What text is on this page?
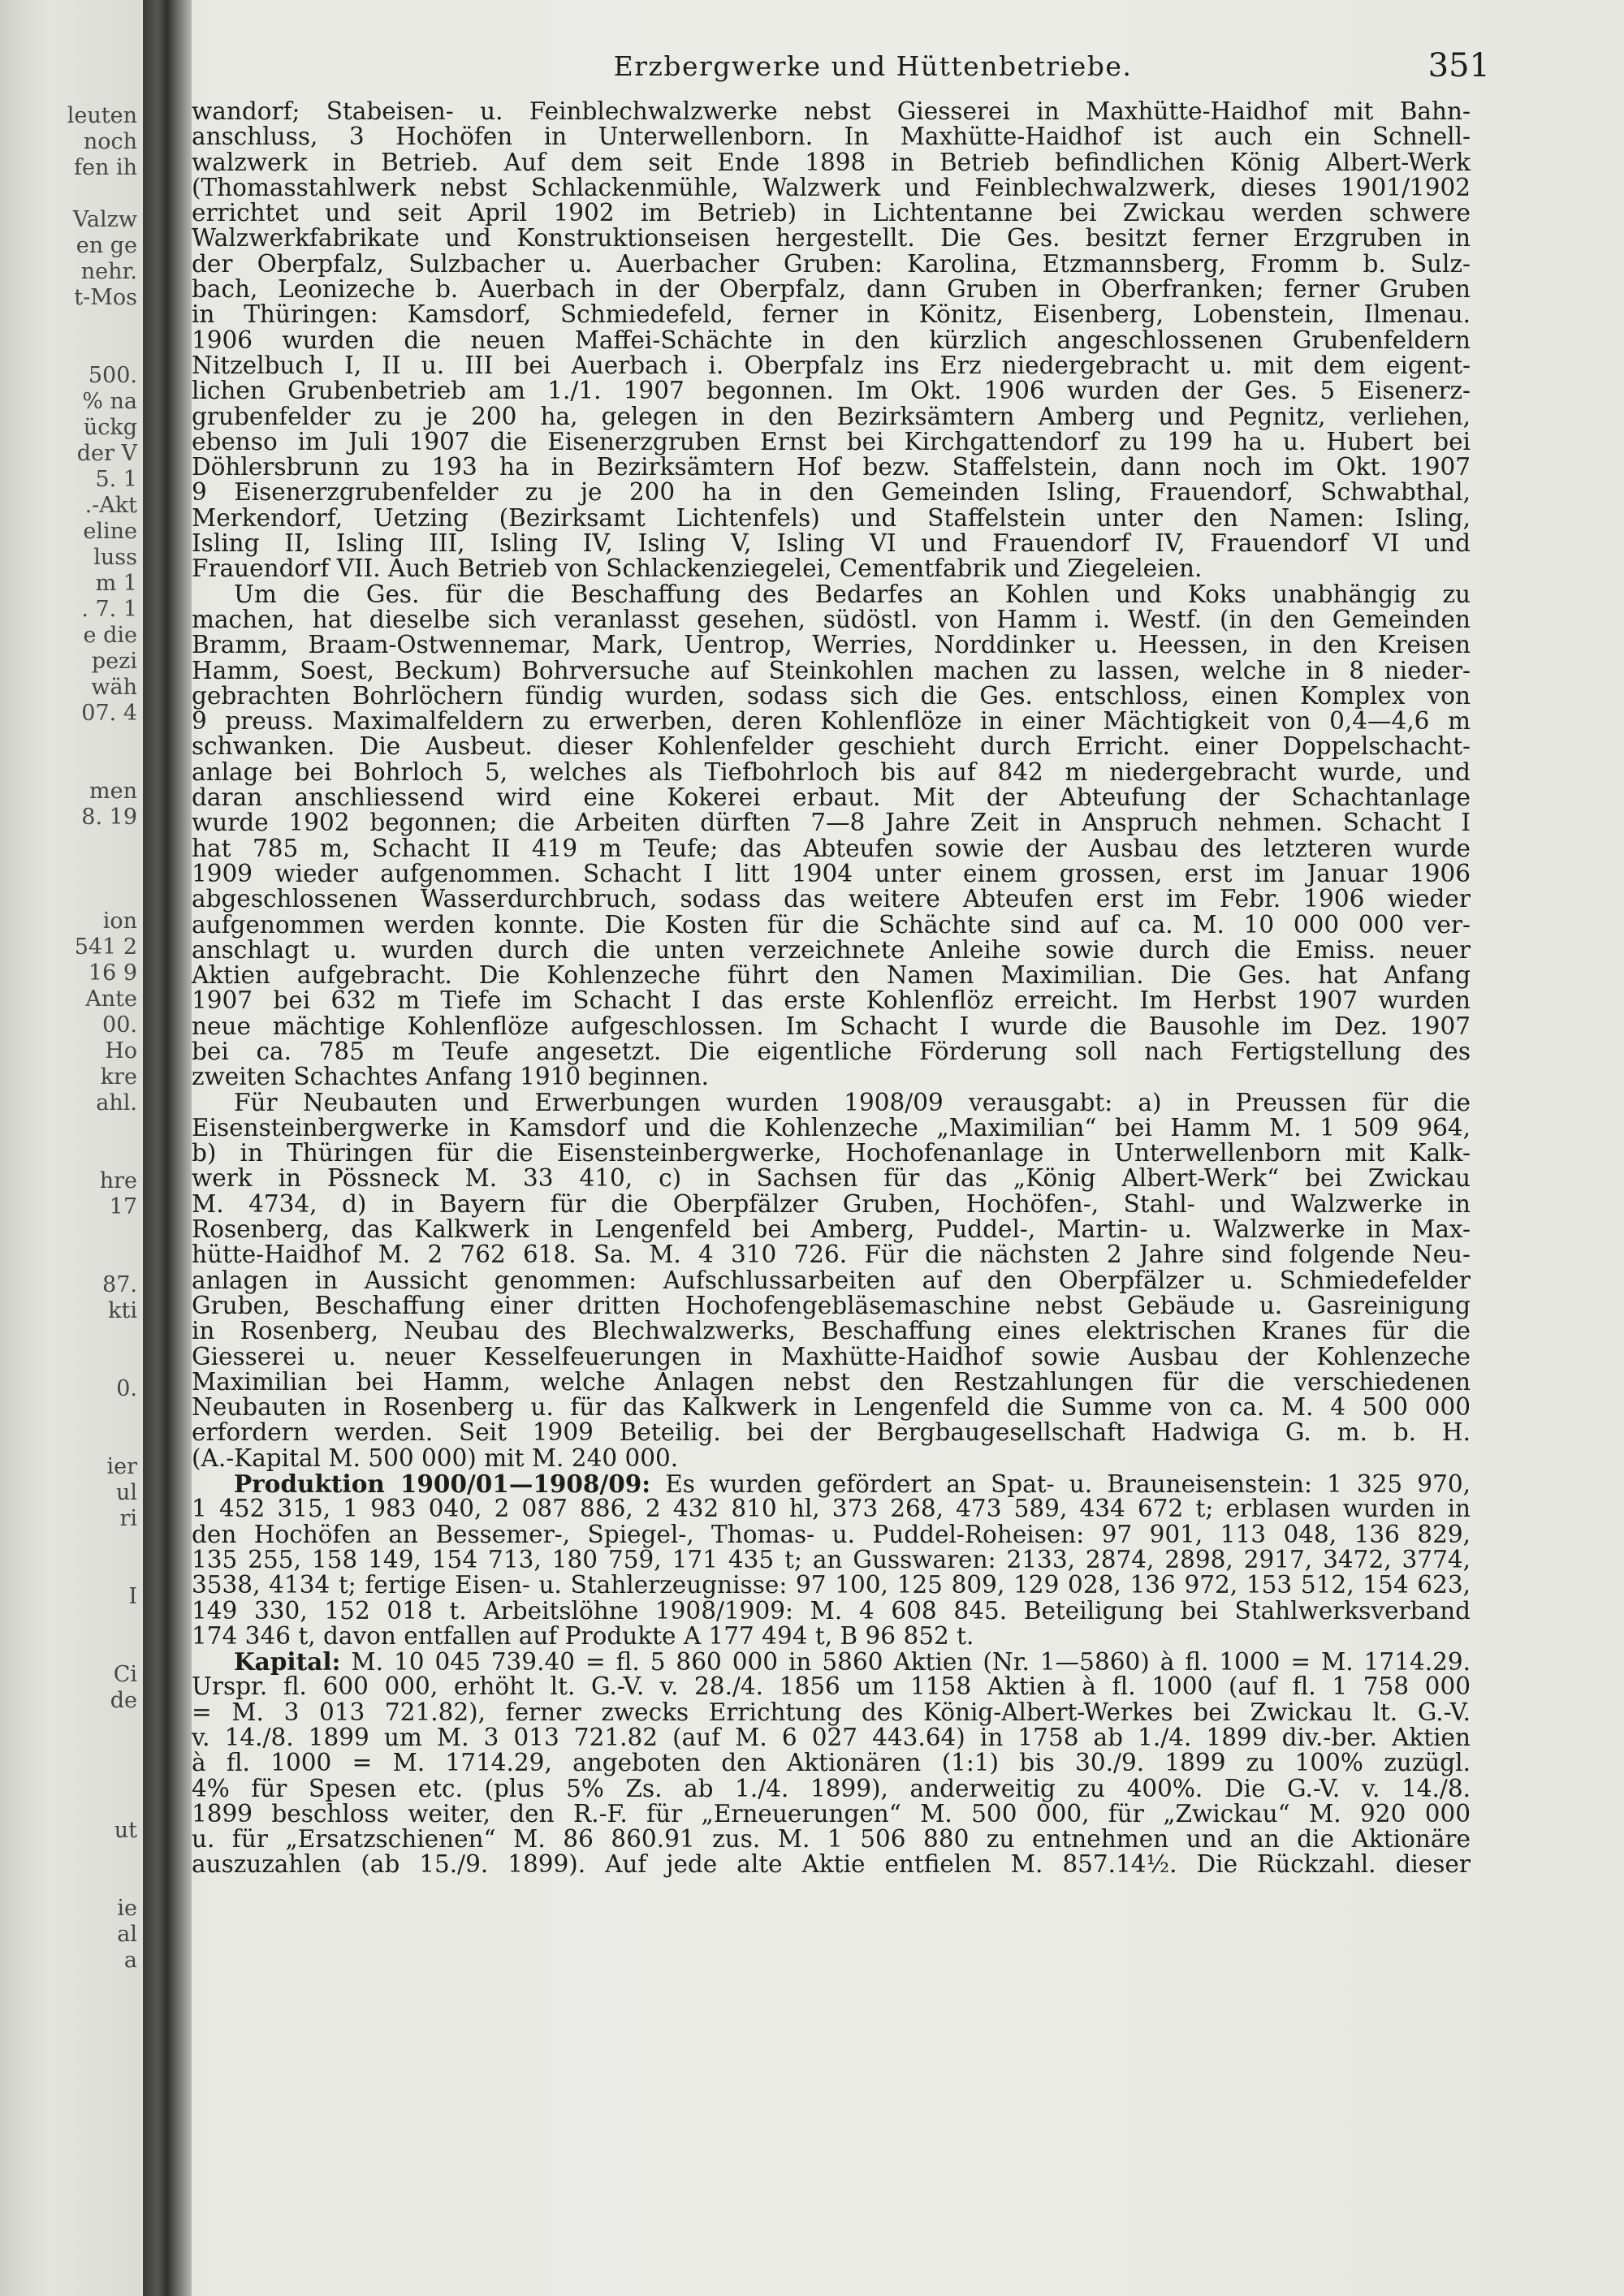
leuten
noch
fen ih
Valzw
en ge
nehr.
t-Mos
500.
% na
ückg
der V
5. 1
.-Akt
eline
luss
m 1
. 7. 1
e die
pezi
wäh
07. 4
men
8. 19
ion
541 2
16 9
Ante
00.
Ho
kre
ahl.
hre
17
87.
kti
0.
ier
ul
ri
I
Ci
de
ut
ie
al
a
Erzbergwerke und Hüttenbetriebe.	351
wandorf; Stabeisen- u. Feinblechwalzwerke nebst Giesserei in Maxhütte-Haidhof mit Bahn-
anschluss, 3 Hochöfen in Unterwellenborn. In Maxhütte-Haidhof ist auch ein Schnell-
walzwerk in Betrieb. Auf dem seit Ende 1898 in Betrieb befindlichen König Albert-Werk
(Thomasstahlwerk nebst Schlackenmühle, Walzwerk und Feinblechwalzwerk, dieses 1901/1902
errichtet und seit April 1902 im Betrieb) in Lichtentanne bei Zwickau werden schwere
Walzwerkfabrikate und Konstruktionseisen hergestellt. Die Ges. besitzt ferner Erzgruben in
der Oberpfalz, Sulzbacher u. Auerbacher Gruben: Karolina, Etzmannsberg, Fromm b. Sulz-
bach, Leonizeche b. Auerbach in der Oberpfalz, dann Gruben in Oberfranken; ferner Gruben
in Thüringen: Kamsdorf, Schmiedefeld, ferner in Könitz, Eisenberg, Lobenstein, Ilmenau.
1906 wurden die neuen Maffei-Schächte in den kürzlich angeschlossenen Grubenfeldern
Nitzelbuch I, II u. III bei Auerbach i. Oberpfalz ins Erz niedergebracht u. mit dem eigent-
lichen Grubenbetrieb am 1./1. 1907 begonnen. Im Okt. 1906 wurden der Ges. 5 Eisenerz-
grubenfelder zu je 200 ha, gelegen in den Bezirksämtern Amberg und Pegnitz, verliehen,
ebenso im Juli 1907 die Eisenerzgruben Ernst bei Kirchgattendorf zu 199 ha u. Hubert bei
Döhlersbrunn zu 193 ha in Bezirksämtern Hof bezw. Staffelstein, dann noch im Okt. 1907
9 Eisenerzgrubenfelder zu je 200 ha in den Gemeinden Isling, Frauendorf, Schwabthal,
Merkendorf, Uetzing (Bezirksamt Lichtenfels) und Staffelstein unter den Namen: Isling,
Isling II, Isling III, Isling IV, Isling V, Isling VI und Frauendorf IV, Frauendorf VI und
Frauendorf VII. Auch Betrieb von Schlackenziegelei, Cementfabrik und Ziegeleien.
Um die Ges. für die Beschaffung des Bedarfes an Kohlen und Koks unabhängig zu
machen, hat dieselbe sich veranlasst gesehen, südöstl. von Hamm i. Westf. (in den Gemeinden
Bramm, Braam-Ostwennemar, Mark, Uentrop, Werries, Norddinker u. Heessen, in den Kreisen
Hamm, Soest, Beckum) Bohrversuche auf Steinkohlen machen zu lassen, welche in 8 nieder-
gebrachten Bohrlöchern fündig wurden, sodass sich die Ges. entschloss, einen Komplex von
9 preuss. Maximalfeldern zu erwerben, deren Kohlenflöze in einer Mächtigkeit von 0,4—4,6 m
schwanken. Die Ausbeut. dieser Kohlenfelder geschieht durch Erricht. einer Doppelschacht-
anlage bei Bohrloch 5, welches als Tiefbohrloch bis auf 842 m niedergebracht wurde, und
daran anschliessend wird eine Kokerei erbaut. Mit der Abteufung der Schachtanlage
wurde 1902 begonnen; die Arbeiten dürften 7—8 Jahre Zeit in Anspruch nehmen. Schacht I
hat 785 m, Schacht II 419 m Teufe; das Abteufen sowie der Ausbau des letzteren wurde
1909 wieder aufgenommen. Schacht I litt 1904 unter einem grossen, erst im Januar 1906
abgeschlossenen Wasserdurchbruch, sodass das weitere Abteufen erst im Febr. 1906 wieder
aufgenommen werden konnte. Die Kosten für die Schächte sind auf ca. M. 10 000 000 ver-
anschlagt u. wurden durch die unten verzeichnete Anleihe sowie durch die Emiss. neuer
Aktien aufgebracht. Die Kohlenzeche führt den Namen Maximilian. Die Ges. hat Anfang
1907 bei 632 m Tiefe im Schacht I das erste Kohlenflöz erreicht. Im Herbst 1907 wurden
neue mächtige Kohlenflöze aufgeschlossen. Im Schacht I wurde die Bausohle im Dez. 1907
bei ca. 785 m Teufe angesetzt. Die eigentliche Förderung soll nach Fertigstellung des
zweiten Schachtes Anfang 1910 beginnen.
Für Neubauten und Erwerbungen wurden 1908/09 verausgabt: a) in Preussen für die
Eisensteinbergwerke in Kamsdorf und die Kohlenzeche „Maximilian“ bei Hamm M. 1 509 964,
b) in Thüringen für die Eisensteinbergwerke, Hochofenanlage in Unterwellenborn mit Kalk-
werk in Pössneck M. 33 410, c) in Sachsen für das „König Albert-Werk“ bei Zwickau
M. 4734, d) in Bayern für die Oberpfälzer Gruben, Hochöfen-, Stahl- und Walzwerke in
Rosenberg, das Kalkwerk in Lengenfeld bei Amberg, Puddel-, Martin- u. Walzwerke in Max-
hütte-Haidhof M. 2 762 618. Sa. M. 4 310 726. Für die nächsten 2 Jahre sind folgende Neu-
anlagen in Aussicht genommen: Aufschlussarbeiten auf den Oberpfälzer u. Schmiedefelder
Gruben, Beschaffung einer dritten Hochofengebläsemaschine nebst Gebäude u. Gasreinigung
in Rosenberg, Neubau des Blechwalzwerks, Beschaffung eines elektrischen Kranes für die
Giesserei u. neuer Kesselfeuerungen in Maxhütte-Haidhof sowie Ausbau der Kohlenzeche
Maximilian bei Hamm, welche Anlagen nebst den Restzahlungen für die verschiedenen
Neubauten in Rosenberg u. für das Kalkwerk in Lengenfeld die Summe von ca. M. 4 500 000
erfordern werden. Seit 1909 Beteilig. bei der Bergbaugesellschaft Hadwiga G. m. b. H.
(A.-Kapital M. 500 000) mit M. 240 000.
Produktion 1900/01—1908/09: Es wurden gefördert an Spat- u. Brauneisenstein: 1 325 970,
1 452 315, 1 983 040, 2 087 886, 2 432 810 hl, 373 268, 473 589, 434 672 t; erblasen wurden in
den Hochöfen an Bessemer-, Spiegel-, Thomas- u. Puddel-Roheisen: 97 901, 113 048, 136 829,
135 255, 158 149, 154 713, 180 759, 171 435 t; an Gusswaren: 2133, 2874, 2898, 2917, 3472, 3774,
3538, 4134 t; fertige Eisen- u. Stahlerzeugnisse: 97 100, 125 809, 129 028, 136 972, 153 512, 154 623,
149 330, 152 018 t. Arbeitslöhne 1908/1909: M. 4 608 845. Beteiligung bei Stahlwerksverband
174 346 t, davon entfallen auf Produkte A 177 494 t, B 96 852 t.
Kapital: M. 10 045 739.40 = fl. 5 860 000 in 5860 Aktien (Nr. 1—5860) à fl. 1000 = M. 1714.29.
Urspr. fl. 600 000, erhöht lt. G.-V. v. 28./4. 1856 um 1158 Aktien à fl. 1000 (auf fl. 1 758 000
= M. 3 013 721.82), ferner zwecks Errichtung des König-Albert-Werkes bei Zwickau lt. G.-V.
v. 14./8. 1899 um M. 3 013 721.82 (auf M. 6 027 443.64) in 1758 ab 1./4. 1899 div.-ber. Aktien
à fl. 1000 = M. 1714.29, angeboten den Aktionären (1:1) bis 30./9. 1899 zu 100% zuzügl.
4% für Spesen etc. (plus 5% Zs. ab 1./4. 1899), anderweitig zu 400%. Die G.-V. v. 14./8.
1899 beschloss weiter, den R.-F. für „Erneuerungen“ M. 500 000, für „Zwickau“ M. 920 000
u. für „Ersatzschienen“ M. 86 860.91 zus. M. 1 506 880 zu entnehmen und an die Aktionäre
auszuzahlen (ab 15./9. 1899). Auf jede alte Aktie entfielen M. 857.14½. Die Rückzahl. dieser
